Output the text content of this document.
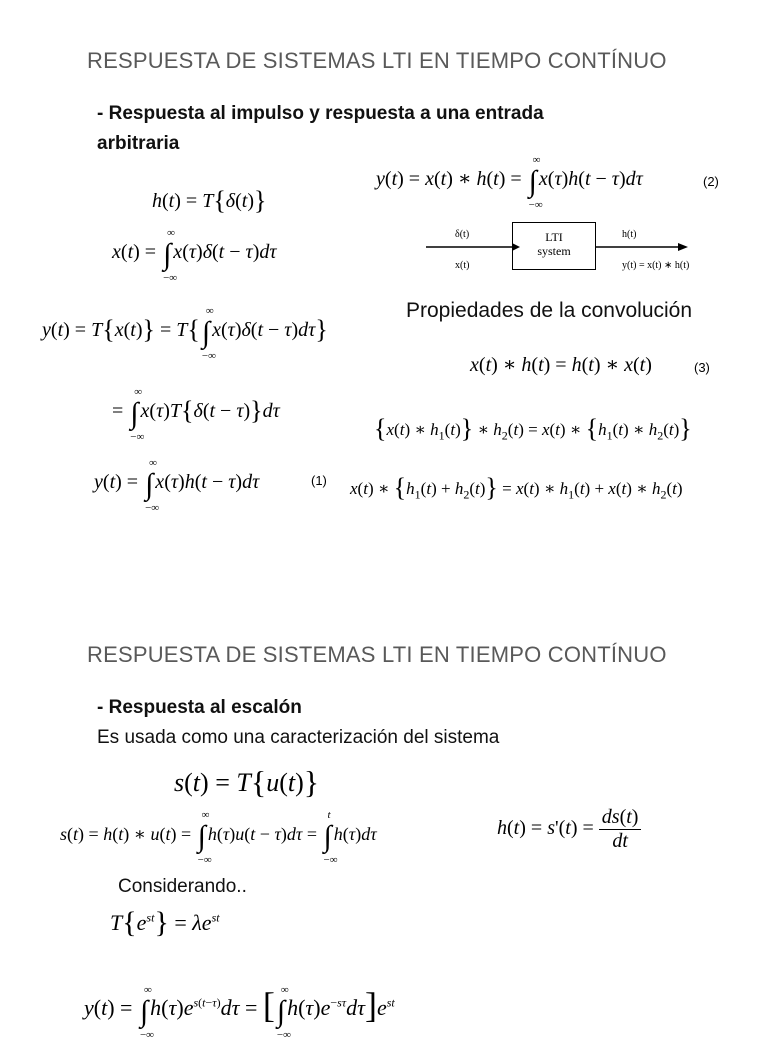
RESPUESTA DE SISTEMAS LTI EN TIEMPO CONTÍNUO
- Respuesta al impulso y respuesta a una entrada
arbitraria
h(t) = T{δ(t)}
x(t) = ∫
∞
−∞
x(τ)δ(t − τ)dτ
y(t) = T{x(t)} = T{∫
∞
−∞
x(τ)δ(t − τ)dτ}
= ∫
∞
−∞
x(τ)T{δ(t − τ)}dτ
y(t) = ∫
∞
−∞
x(τ)h(t − τ)dτ	(1)
y(t) = x(t) ∗ h(t) = ∫
∞
−∞
x(τ)h(t − τ)dτ	(2)
LTI
system
δ(t)
x(t)
h(t)
y(t) = x(t) ∗ h(t)
Propiedades de la convolución
x(t) ∗ h(t) = h(t) ∗ x(t)	(3)
{x(t) ∗ $h_1(t)$} ∗ $h_2(t) = x(t)$ ∗ {$h_1(t)$ ∗ $h_2(t)$}
x(t) ∗ $\{h_1(t) + h_2(t)\} = x(t)$ ∗ $h_1(t) + x(t)$ ∗ $h_2(t)$
RESPUESTA DE SISTEMAS LTI EN TIEMPO CONTÍNUO
- Respuesta al escalón
Es usada como una caracterización del sistema
s(t) = T{u(t)}
s(t) = h(t) ∗ u(t) = ∫
∞
−∞
h(τ)u(t − τ)dτ = ∫
t
−∞
h(τ)dτ	$h(t) = s'(t) = \frac{ds(t)}{dt}$
Considerando..
$T\{e^{st}\} = \lambda e^{st}$
y(t) = ∫
∞
−∞
$h(\tau)e^{s(t-\tau)}d\tau$ = [∫
∞
−∞
$h(\tau)e^{-s\tau}d\tau]e^{st}$
